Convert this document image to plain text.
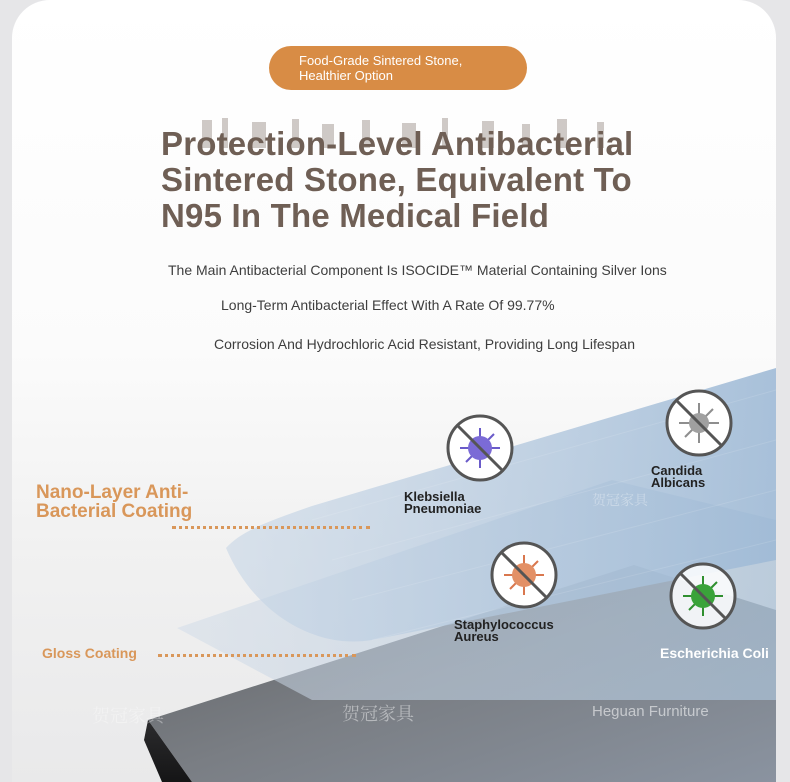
Food-Grade Sintered Stone, Healthier Option
Protection-Level Antibacterial Sintered Stone, Equivalent To N95 In The Medical Field
The Main Antibacterial Component Is ISOCIDE™ Material Containing Silver Ions
Long-Term Antibacterial Effect With A Rate Of 99.77%
Corrosion And Hydrochloric Acid Resistant, Providing Long Lifespan
Nano-Layer Anti-Bacterial Coating
Gloss Coating
Klebsiella Pneumoniae
Candida Albicans
Staphylococcus Aureus
Escherichia Coli
Heguan Furniture
贺冠家具
贺冠家具
贺冠家具
